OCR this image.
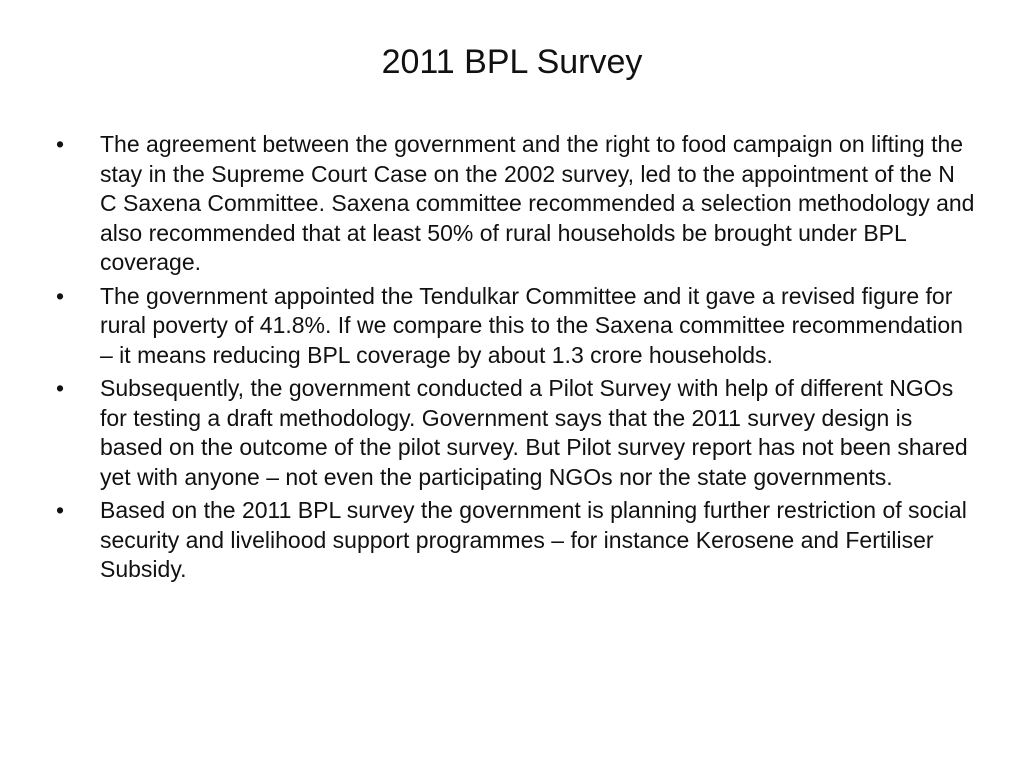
2011 BPL Survey
•	The agreement between the government and the right to food campaign on lifting the stay in the Supreme Court Case on the 2002 survey, led to the appointment of the N C Saxena Committee. Saxena committee recommended a selection methodology and also recommended that at least 50% of rural households be brought under BPL coverage.
•	The government appointed the Tendulkar Committee and it gave a revised figure for rural poverty of 41.8%. If we compare this to the Saxena committee recommendation – it means reducing BPL coverage by about 1.3 crore households.
•	Subsequently, the government conducted a Pilot Survey with help of different NGOs for testing a draft methodology. Government says that the 2011 survey design is based on the outcome of the pilot survey. But Pilot survey report has not been shared yet with anyone – not even the participating NGOs nor the state governments.
•	Based on the 2011 BPL survey the government is planning further restriction of social security and livelihood support programmes – for instance Kerosene and Fertiliser Subsidy.
